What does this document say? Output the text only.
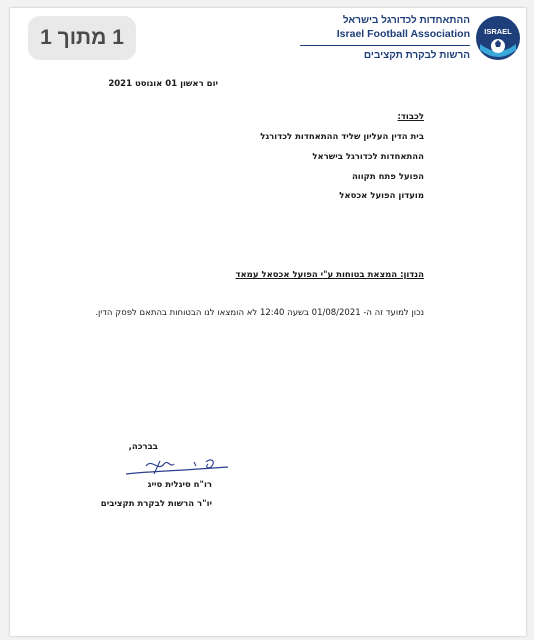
1 מתוך 1	ISRAEL
ההתאחדות לכדורגל בישראל
Israel Football Association
הרשות לבקרת תקציבים
יום ראשון 01 אוגוסט 2021
לכבוד:
בית הדין העליון שליד ההתאחדות לכדורגל
ההתאחדות לכדורגל בישראל
הפועל פתח תקווה
מועדון הפועל אכסאל
הנדון: המצאת בטוחות ע"י הפועל אכסאל עמאד
נכון למועד זה ה- 01/08/2021 בשעה 12:40 לא הומצאו לנו הבטוחות בהתאם לפסק הדין.
בברכה,
רו"ח סיגלית סייג
יו"ר הרשות לבקרת תקציבים
